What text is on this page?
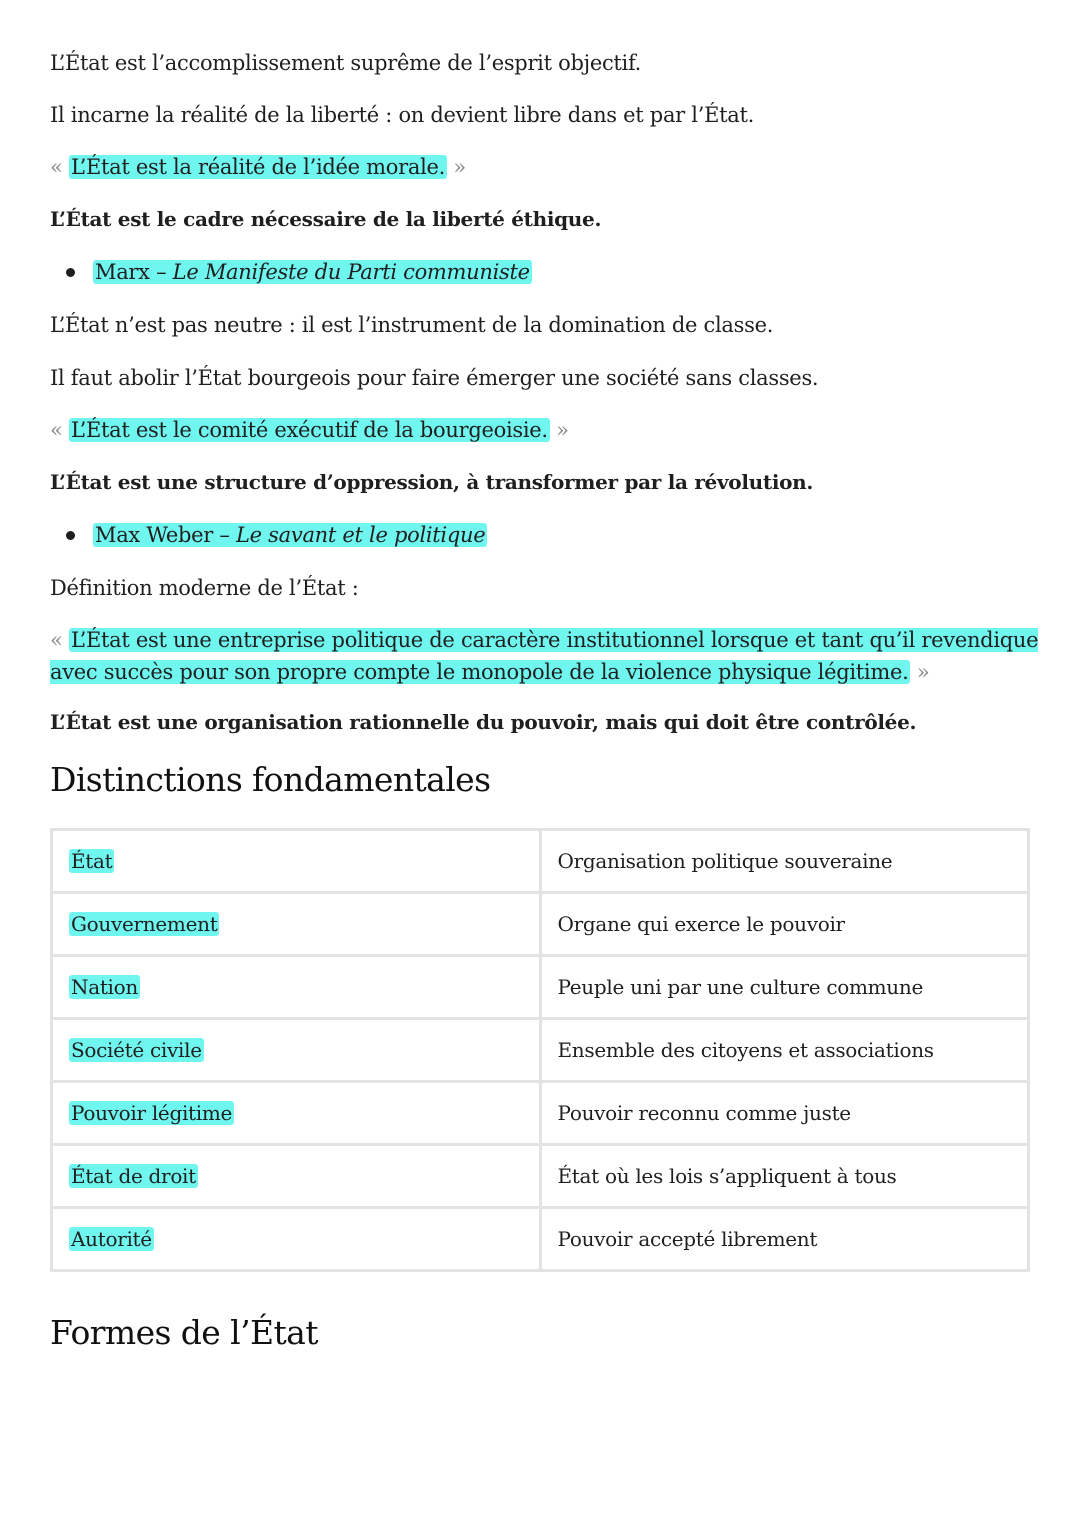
L’État est l’accomplissement suprême de l’esprit objectif.

Il incarne la réalité de la liberté : on devient libre dans et par l’État.

« L’État est la réalité de l’idée morale. »

L’État est le cadre nécessaire de la liberté éthique.

Marx – Le Manifeste du Parti communiste

L’État n’est pas neutre : il est l’instrument de la domination de classe.

Il faut abolir l’État bourgeois pour faire émerger une société sans classes.

« L’État est le comité exécutif de la bourgeoisie. »

L’État est une structure d’oppression, à transformer par la révolution.

Max Weber – Le savant et le politique

Définition moderne de l’État :

« L’État est une entreprise politique de caractère institutionnel lorsque et tant qu’il revendique avec succès pour son propre compte le monopole de la violence physique légitime. »

L’État est une organisation rationnelle du pouvoir, mais qui doit être contrôlée.

Distinctions fondamentales
État	Organisation politique souveraine
Gouvernement	Organe qui exerce le pouvoir
Nation	Peuple uni par une culture commune
Société civile	Ensemble des citoyens et associations
Pouvoir légitime	Pouvoir reconnu comme juste
État de droit	État où les lois s’appliquent à tous
Autorité	Pouvoir accepté librement
Formes de l’État
